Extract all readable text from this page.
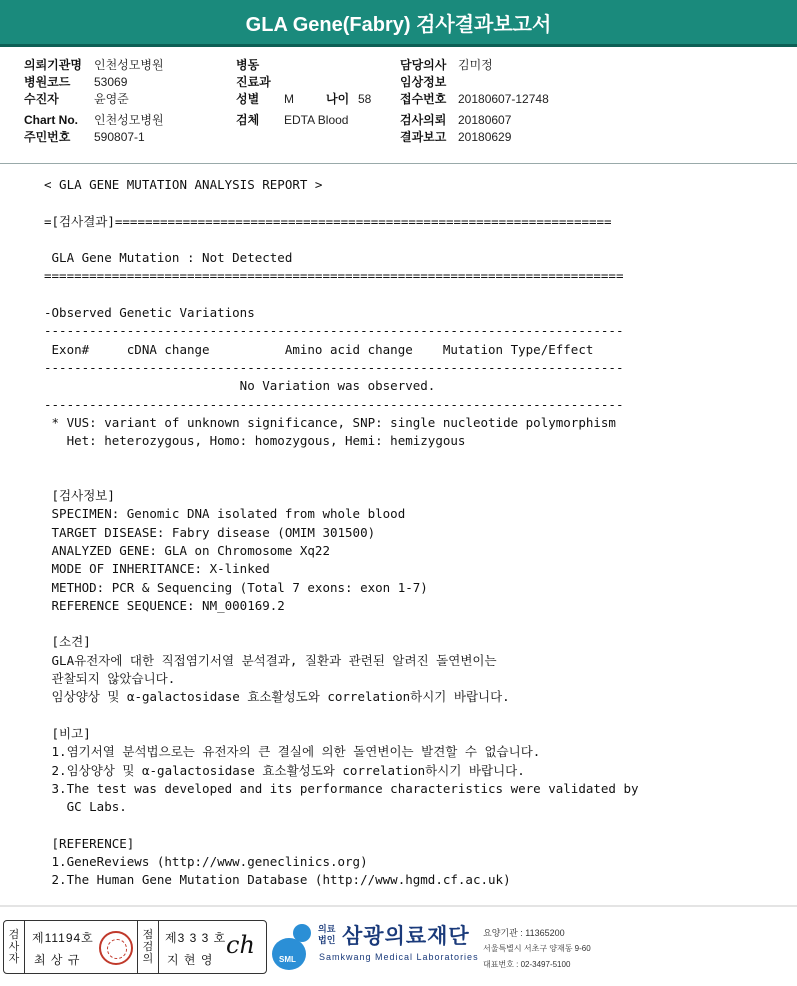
GLA Gene(Fabry) 검사결과보고서
의뢰기관명 인천성모병원
병원코드 53069
수진자	윤영준
Chart No. 인천성모병원
주민번호 590807-1
병동
진료과
성별 M	나이 58
검체 EDTA Blood
담당의사 김미정
임상정보
접수번호 20180607-12748
검사의뢰 20180607
결과보고 20180629
< GLA GENE MUTATION ANALYSIS REPORT >
=[검사결과]==================================================================
GLA Gene Mutation : Not Detected
=============================================================================
-Observed Genetic Variations
-----------------------------------------------------------------------------
Exon#     cDNA change          Amino acid change    Mutation Type/Effect
-----------------------------------------------------------------------------
No Variation was observed.
-----------------------------------------------------------------------------
* VUS: variant of unknown significance, SNP: single nucleotide polymorphism
Het: heterozygous, Homo: homozygous, Hemi: hemizygous
[검사정보]
SPECIMEN: Genomic DNA isolated from whole blood
TARGET DISEASE: Fabry disease (OMIM 301500)
ANALYZED GENE: GLA on Chromosome Xq22
MODE OF INHERITANCE: X-linked
METHOD: PCR & Sequencing (Total 7 exons: exon 1-7)
REFERENCE SEQUENCE: NM_000169.2
[소견]
GLA유전자에 대한 직접염기서열 분석결과, 질환과 관련된 알려진 돌연변이는
관찰되지 않았습니다.
임상양상 및 α-galactosidase 효소활성도와 correlation하시기 바랍니다.
[비고]
1.염기서열 분석법으로는 유전자의 큰 결실에 의한 돌연변이는 발견할 수 없습니다.
2.임상양상 및 α-galactosidase 효소활성도와 correlation하시기 바랍니다.
3.The test was developed and its performance characteristics were validated by
GC Labs.
[REFERENCE]
1.GeneReviews (http://www.geneclinics.org)
2.The Human Gene Mutation Database (http://www.hgmd.cf.ac.uk)
검
사
자
제11194호
최 상 규
점
검
의
제3 3 3 호
지 현 영
ch
SML
의료
법인 삼광의료재단
Samkwang Medical Laboratories
요양기관 : 11365200
서울특별시 서초구 양재동 9-60
대표번호 : 02-3497-5100
